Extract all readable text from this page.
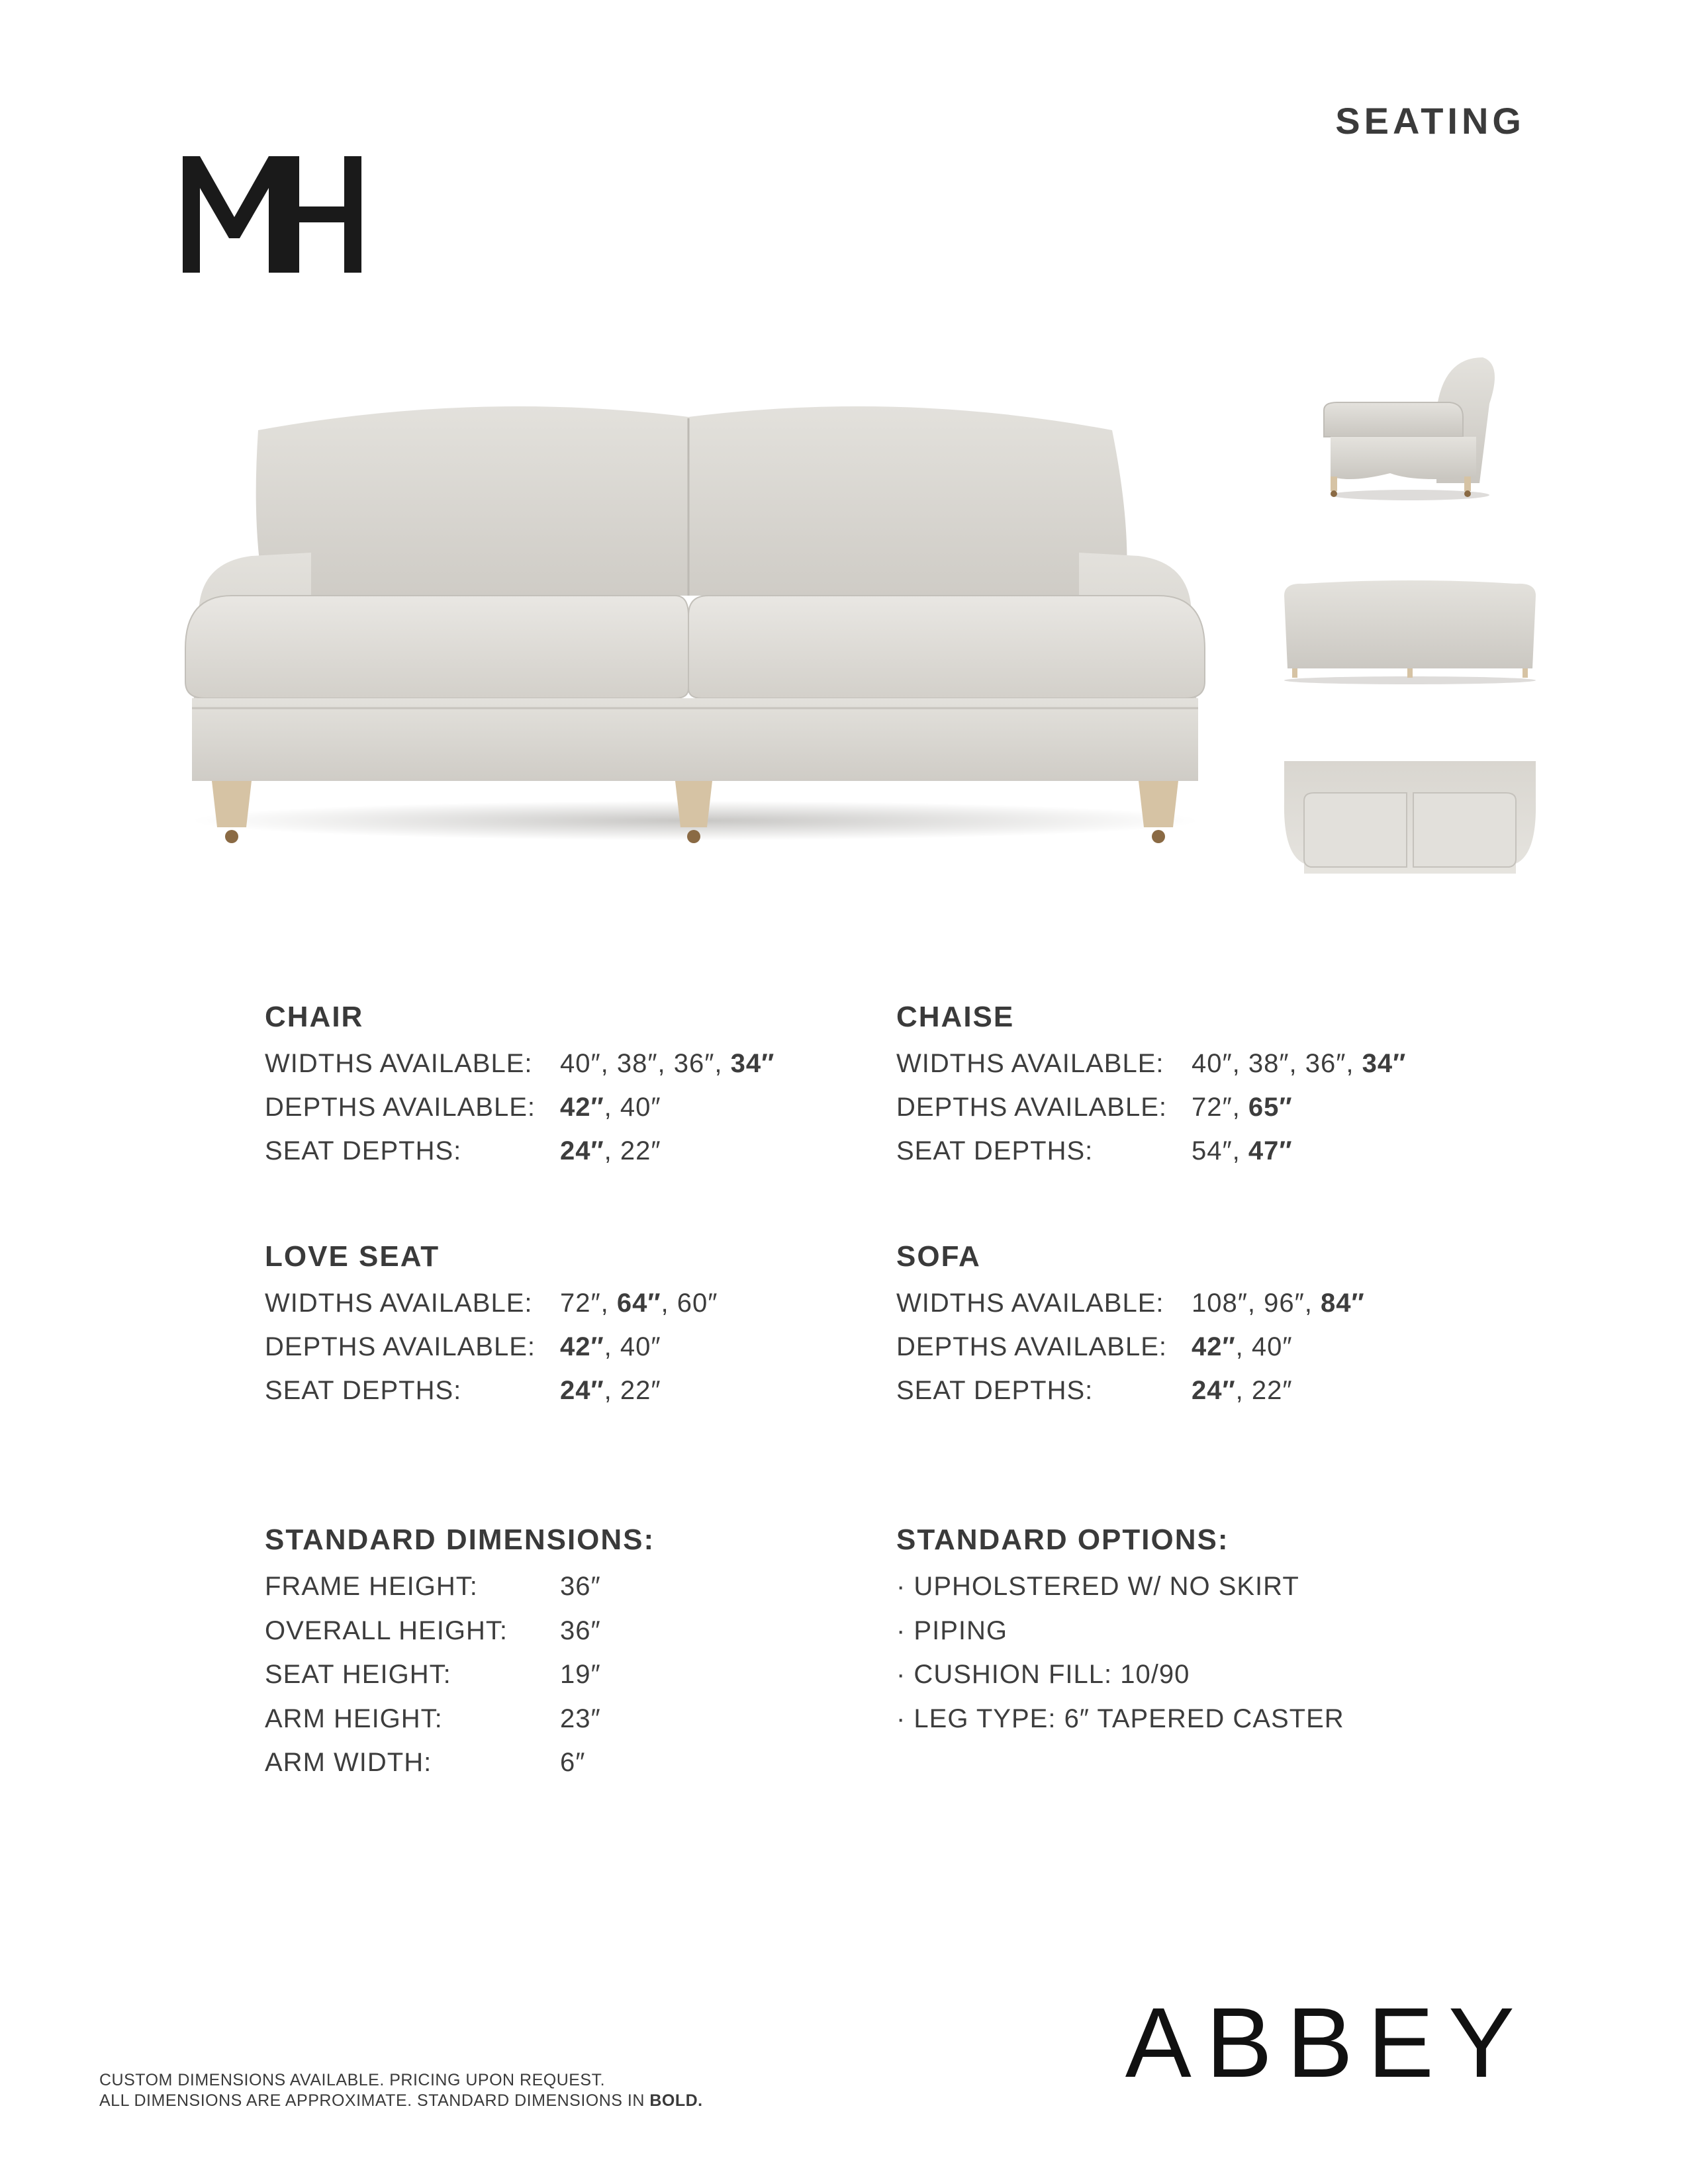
SEATING
CHAIR
WIDTHS AVAILABLE: 40″, 38″, 36″, 34″
DEPTHS AVAILABLE: 42″, 40″
SEAT DEPTHS:	24″, 22″
CHAISE
WIDTHS AVAILABLE: 40″, 38″, 36″, 34″
DEPTHS AVAILABLE: 72″, 65″
SEAT DEPTHS:	54″, 47″
LOVE SEAT
WIDTHS AVAILABLE: 72″, 64″, 60″
DEPTHS AVAILABLE: 42″, 40″
SEAT DEPTHS:	24″, 22″
SOFA
WIDTHS AVAILABLE: 108″, 96″, 84″
DEPTHS AVAILABLE: 42″, 40″
SEAT DEPTHS:	24″, 22″
STANDARD DIMENSIONS:
FRAME HEIGHT:	36″
OVERALL HEIGHT: 36″
SEAT HEIGHT:	19″
ARM HEIGHT:	23″
ARM WIDTH:	6″
STANDARD OPTIONS:
· UPHOLSTERED W/ NO SKIRT
· PIPING
· CUSHION FILL: 10/90
· LEG TYPE: 6″ TAPERED CASTER
ABBEY
CUSTOM DIMENSIONS AVAILABLE. PRICING UPON REQUEST.
ALL DIMENSIONS ARE APPROXIMATE. STANDARD DIMENSIONS IN BOLD.
